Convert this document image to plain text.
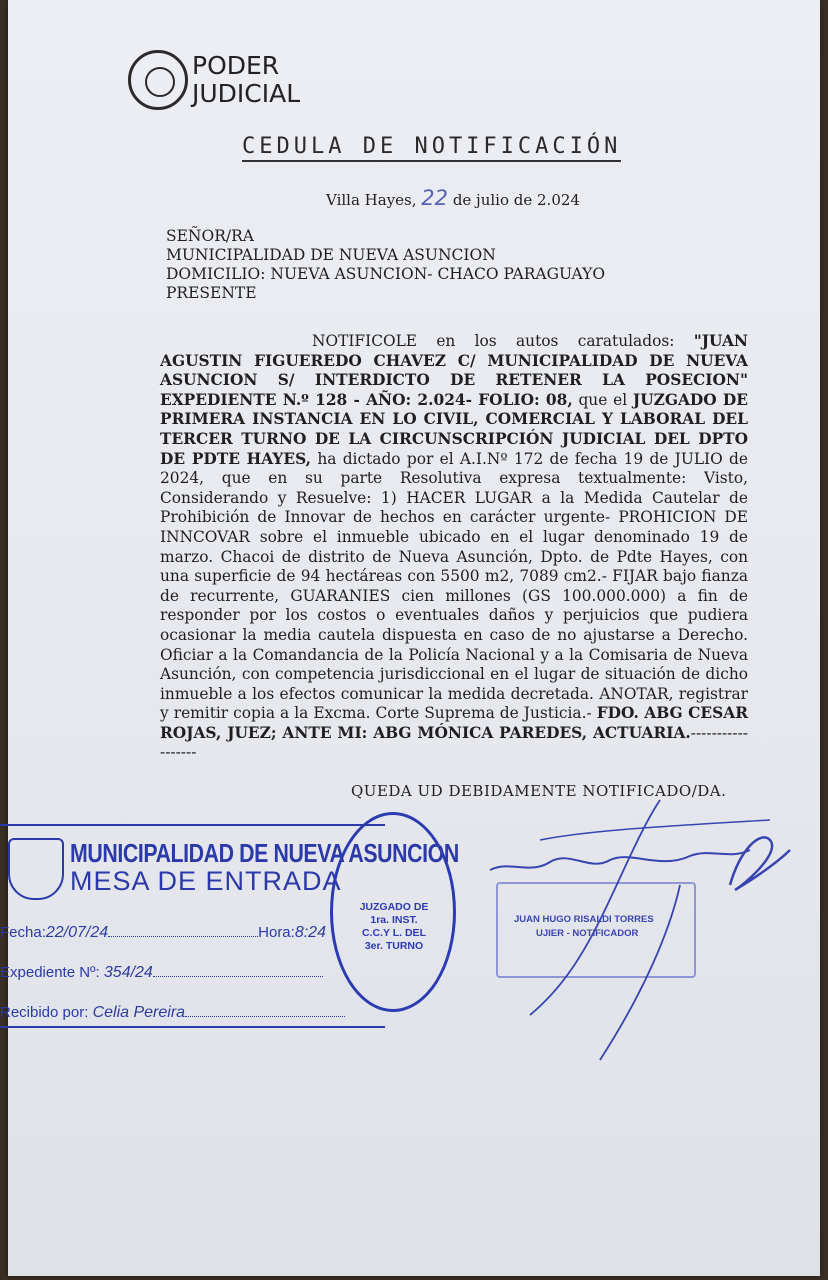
PODER
JUDICIAL
CEDULA DE NOTIFICACIÓN
Villa Hayes, 22 de julio de 2.024
SEÑOR/RA
MUNICIPALIDAD DE NUEVA ASUNCION
DOMICILIO: NUEVA ASUNCION- CHACO PARAGUAYO
PRESENTE
NOTIFICOLE en los autos caratulados: "JUAN AGUSTIN FIGUEREDO CHAVEZ C/ MUNICIPALIDAD DE NUEVA ASUNCION S/ INTERDICTO DE RETENER LA POSECION" EXPEDIENTE N.º 128 - AÑO: 2.024- FOLIO: 08, que el JUZGADO DE PRIMERA INSTANCIA EN LO CIVIL, COMERCIAL Y LABORAL DEL TERCER TURNO DE LA CIRCUNSCRIPCIÓN JUDICIAL DEL DPTO DE PDTE HAYES, ha dictado por el A.I.Nº 172 de fecha 19 de JULIO de 2024, que en su parte Resolutiva expresa textualmente: Visto, Considerando y Resuelve: 1) HACER LUGAR a la Medida Cautelar de Prohibición de Innovar de hechos en carácter urgente- PROHICION DE INNCOVAR sobre el inmueble ubicado en el lugar denominado 19 de marzo. Chacoi de distrito de Nueva Asunción, Dpto. de Pdte Hayes, con una superficie de 94 hectáreas con 5500 m2, 7089 cm2.- FIJAR bajo fianza de recurrente, GUARANIES cien millones (GS 100.000.000) a fin de responder por los costos o eventuales daños y perjuicios que pudiera ocasionar la media cautela dispuesta en caso de no ajustarse a Derecho. Oficiar a la Comandancia de la Policía Nacional y a la Comisaria de Nueva Asunción, con competencia jurisdiccional en el lugar de situación de dicho inmueble a los efectos comunicar la medida decretada. ANOTAR, registrar y remitir copia a la Excma. Corte Suprema de Justicia.- FDO. ABG CESAR ROJAS, JUEZ; ANTE MI: ABG MÓNICA PAREDES, ACTUARIA.------------------
QUEDA UD DEBIDAMENTE NOTIFICADO/DA.
MUNICIPALIDAD DE NUEVA ASUNCION
MESA DE ENTRADA
Fecha:22/07/24	Hora:8:24
Expediente Nº: 354/24
Recibido por: Celia Pereira
JUZGADO DE
1ra. INST.
C.C.Y L. DEL
3er. TURNO
JUAN HUGO RISALDI TORRES
UJIER - NOTIFICADOR
